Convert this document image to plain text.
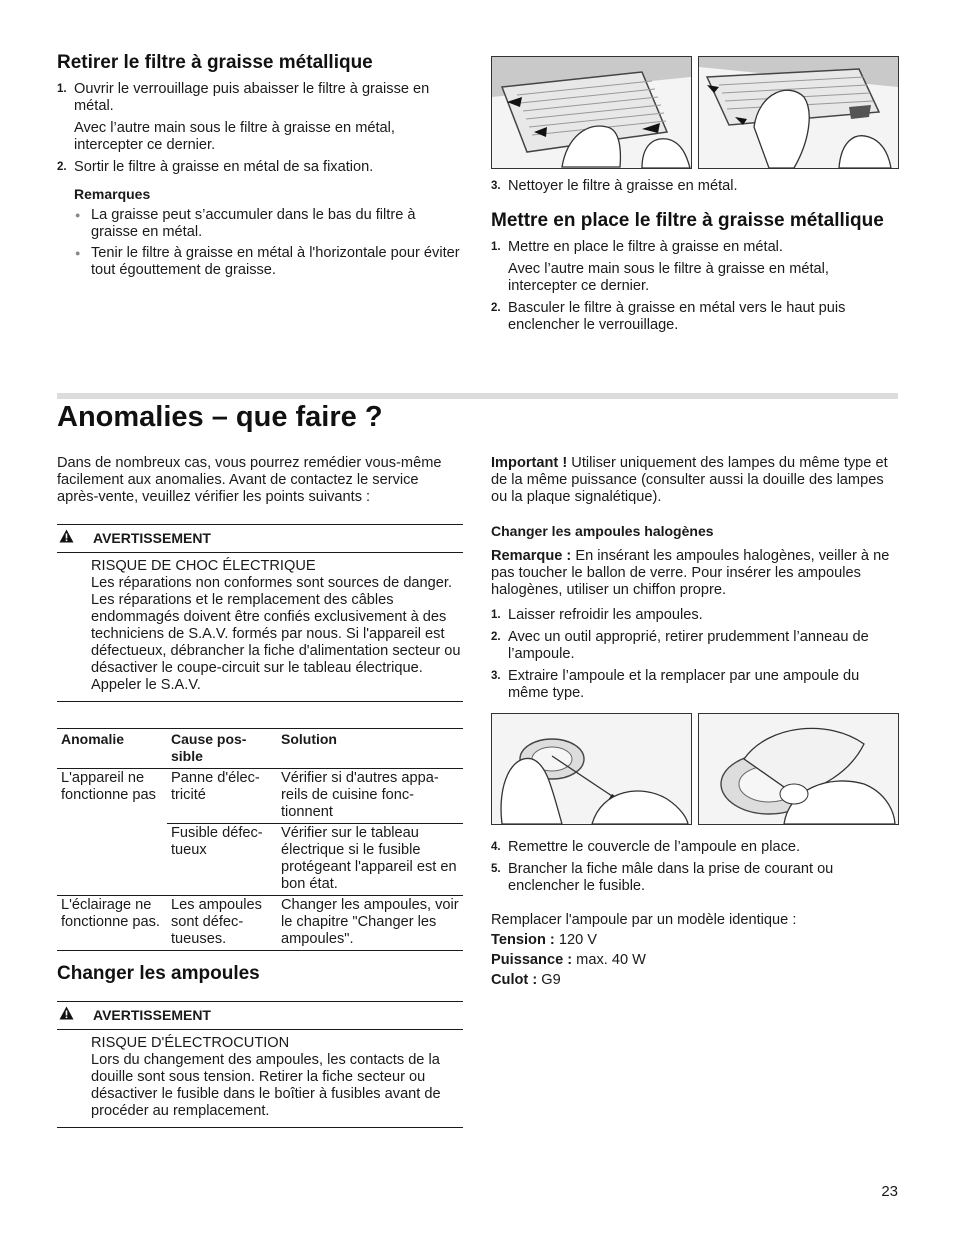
Retirer le filtre à graisse métallique
1. Ouvrir le verrouillage puis abaisser le filtre à graisse en métal.

Avec l’autre main sous le filtre à graisse en métal, intercepter ce dernier.

2. Sortir le filtre à graisse en métal de sa fixation.

Remarques
● La graisse peut s’accumuler dans le bas du filtre à graisse en métal.

● Tenir le filtre à graisse en métal à l'horizontale pour éviter tout égouttement de graisse.

3. Nettoyer le filtre à graisse en métal.

Mettre en place le filtre à graisse métallique
1. Mettre en place le filtre à graisse en métal.

Avec l’autre main sous le filtre à graisse en métal, intercepter ce dernier.

2. Basculer le filtre à graisse en métal vers le haut puis enclencher le verrouillage.

Anomalies – que faire ?

Dans de nombreux cas, vous pourrez remédier vous-même facilement aux anomalies. Avant de contactez le service après-vente, veuillez vérifier les points suivants :

AVERTISSEMENT

RISQUE DE CHOC ÉLECTRIQUE

Les réparations non conformes sont sources de danger. Les réparations et le remplacement des câbles endommagés doivent être confiés exclusivement à des techniciens de S.A.V. formés par nous. Si l'appareil est défectueux, débrancher la fiche d'alimentation secteur ou désactiver le coupe-circuit sur le tableau électrique. Appeler le S.A.V.

Anomalie	Cause pos-sible	Solution
L'appareil ne fonctionne pas	Panne d'élec-tricité	Vérifier si d'autres appa-reils de cuisine fonc-tionnent
	Fusible défec-tueux	Vérifier sur le tableau électrique si le fusible protégeant l'appareil est en bon état.
L'éclairage ne fonctionne pas.	Les ampoules sont défec-tueuses.	Changer les ampoules, voir le chapitre "Changer les ampoules".
Changer les ampoules
AVERTISSEMENT

RISQUE D'ÉLECTROCUTION

Lors du changement des ampoules, les contacts de la douille sont sous tension. Retirer la fiche secteur ou désactiver le fusible dans le boîtier à fusibles avant de procéder au remplacement.

Important ! Utiliser uniquement des lampes du même type et de la même puissance (consulter aussi la douille des lampes ou la plaque signalétique).

Changer les ampoules halogènes

Remarque : En insérant les ampoules halogènes, veiller à ne pas toucher le ballon de verre. Pour insérer les ampoules halogènes, utiliser un chiffon propre.

1. Laisser refroidir les ampoules.

2. Avec un outil approprié, retirer prudemment l’anneau de l’ampoule.

3. Extraire l’ampoule et la remplacer par une ampoule du même type.

4. Remettre le couvercle de l’ampoule en place.

5. Brancher la fiche mâle dans la prise de courant ou enclencher le fusible.

Remplacer l'ampoule par un modèle identique :

Tension : 120 V

Puissance : max. 40 W

Culot : G9

23
